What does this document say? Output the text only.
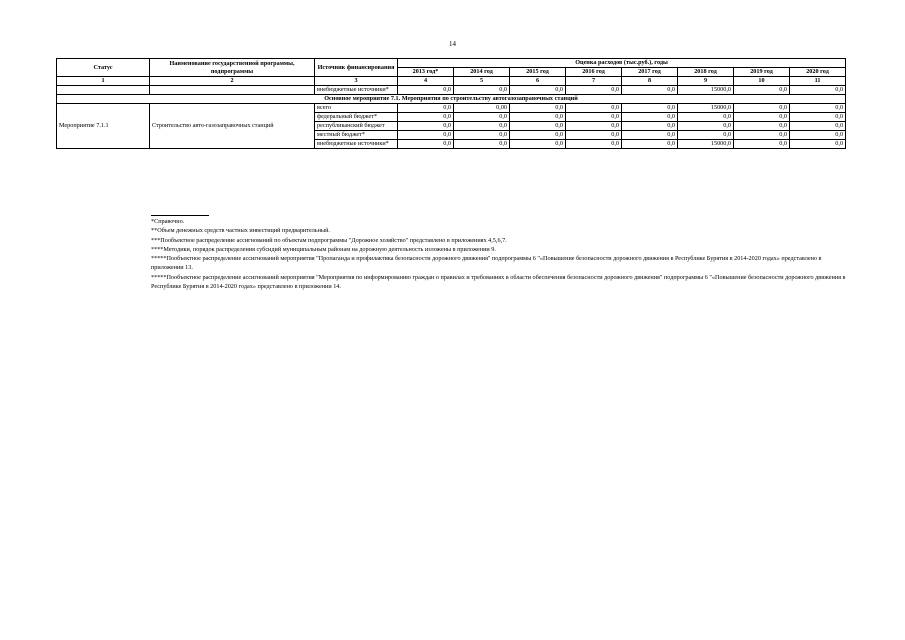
14
Статус	Наименование государственной программы, подпрограммы	Источник финансирования	Оценка расходов (тыс.руб.), годы							
			2013 год*	2014 год	2015 год	2016 год	2017 год	2018 год	2019 год	2020 год
1	2	3	4	5	6	7	8	9	10	11
		внебюджетные источники*	0,0	0,0	0,0	0,0	0,0	15000,0	0,0	0,0
Основное мероприятие 7.1. Мероприятия по строительству автогазозаправочных станций										
Мероприятие 7.1.1	Строительство авто-газозаправочных станций	всего	0,0	0,00	0,0	0,0	0,0	15000,0	0,0	0,0
		федеральный бюджет*	0,0	0,0	0,0	0,0	0,0	0,0	0,0	0,0
		республиканский бюджет	0,0	0,0	0,0	0,0	0,0	0,0	0,0	0,0
		местный бюджет*	0,0	0,0	0,0	0,0	0,0	0,0	0,0	0,0
		внебюджетные источники*	0,0	0,0	0,0	0,0	0,0	15000,0	0,0	0,0

*Справочно.

**Объем денежных средств частных инвестиций предварительный.

***Пообъектное распределение ассигнований по объектам подпрограммы "Дорожное хозяйство" представлено в приложениях 4,5,6,7.

****Методики, порядок распределения субсидий муниципальным районам на дорожную деятельность изложены в приложении 9.

*****Пообъектное распределение ассигнований мероприятия "Пропаганда и профилактика безопасности дорожного движения" подпрограммы 6 "«Повышение безопасности дорожного движения в Республике Бурятия в 2014-2020 годах» представлено в приложении 13.

*****Пообъектное распределение ассигнований мероприятия "Мероприятия по информированию граждан о правилах и требованиях в области обеспечения безопасности дорожного движения" подпрограммы 6 "«Повышение безопасности дорожного движения в Республике Бурятия в 2014-2020 годах» представлено в приложении 14.
